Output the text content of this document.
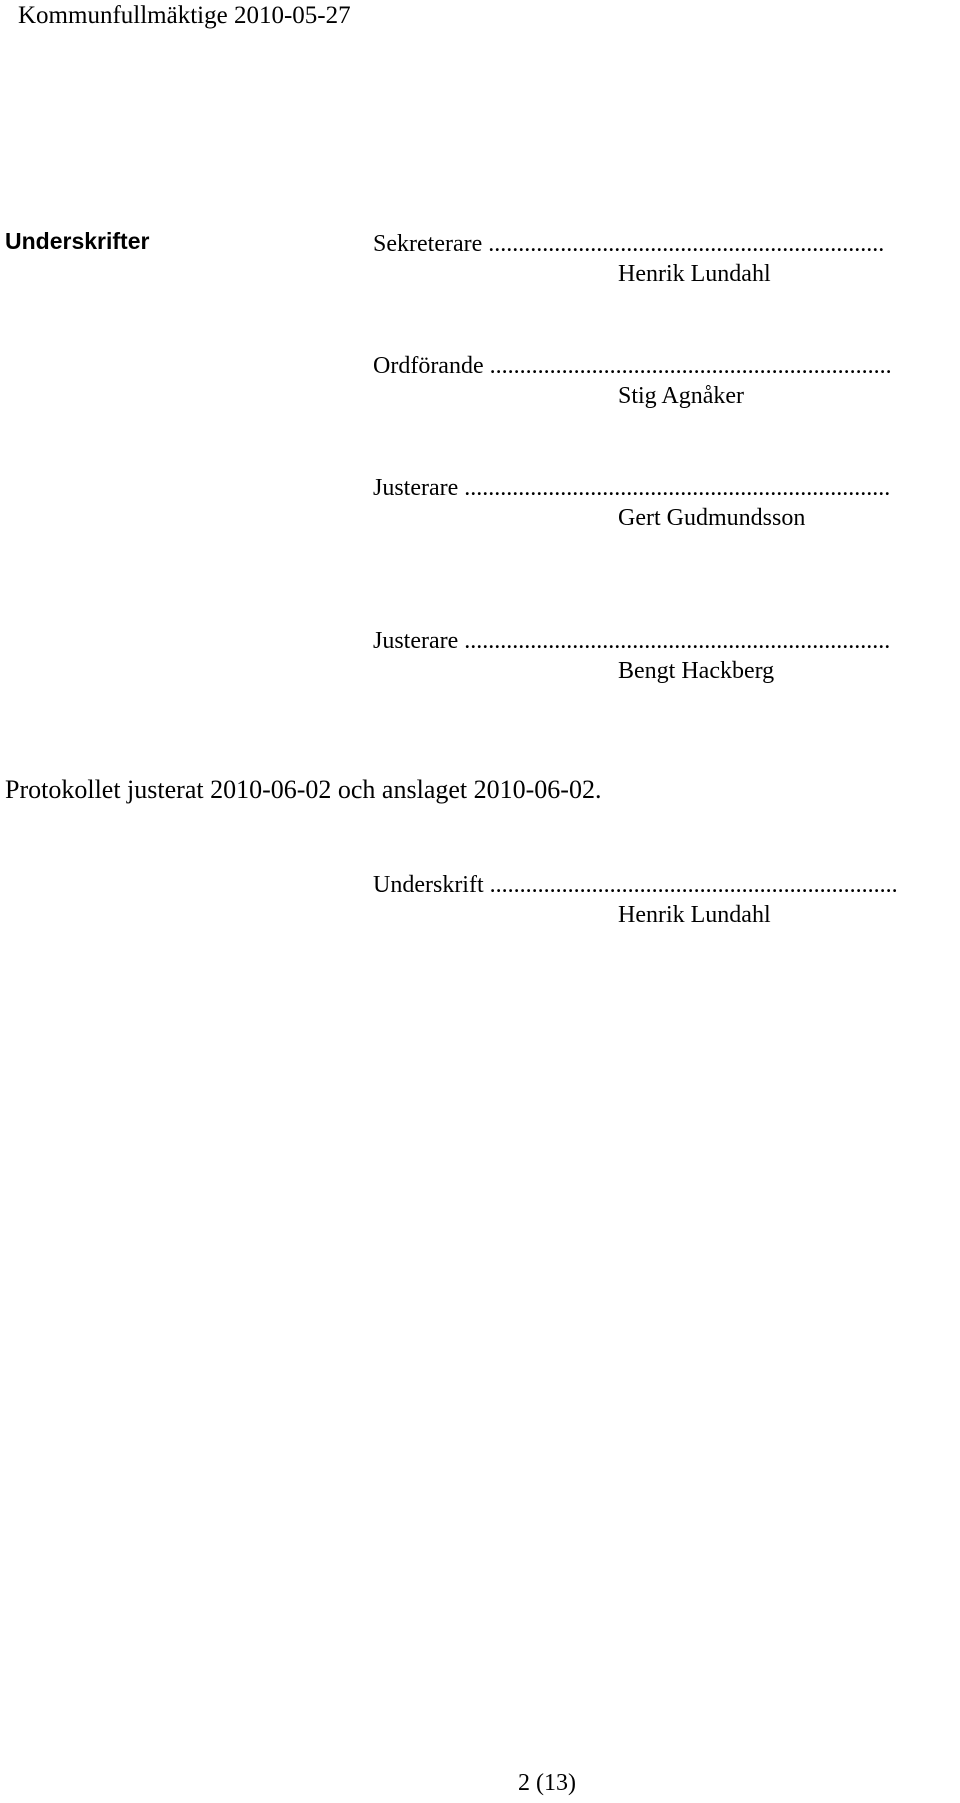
Kommunfullmäktige 2010-05-27

Underskrifter	Sekreterare ..................................................................

Henrik Lundahl

Ordförande ...................................................................

Stig Agnåker

Justerare .......................................................................

Gert Gudmundsson

Justerare .......................................................................

Bengt Hackberg

Protokollet justerat 2010-06-02 och anslaget 2010-06-02.

Underskrift ....................................................................

Henrik Lundahl

2 (13)
